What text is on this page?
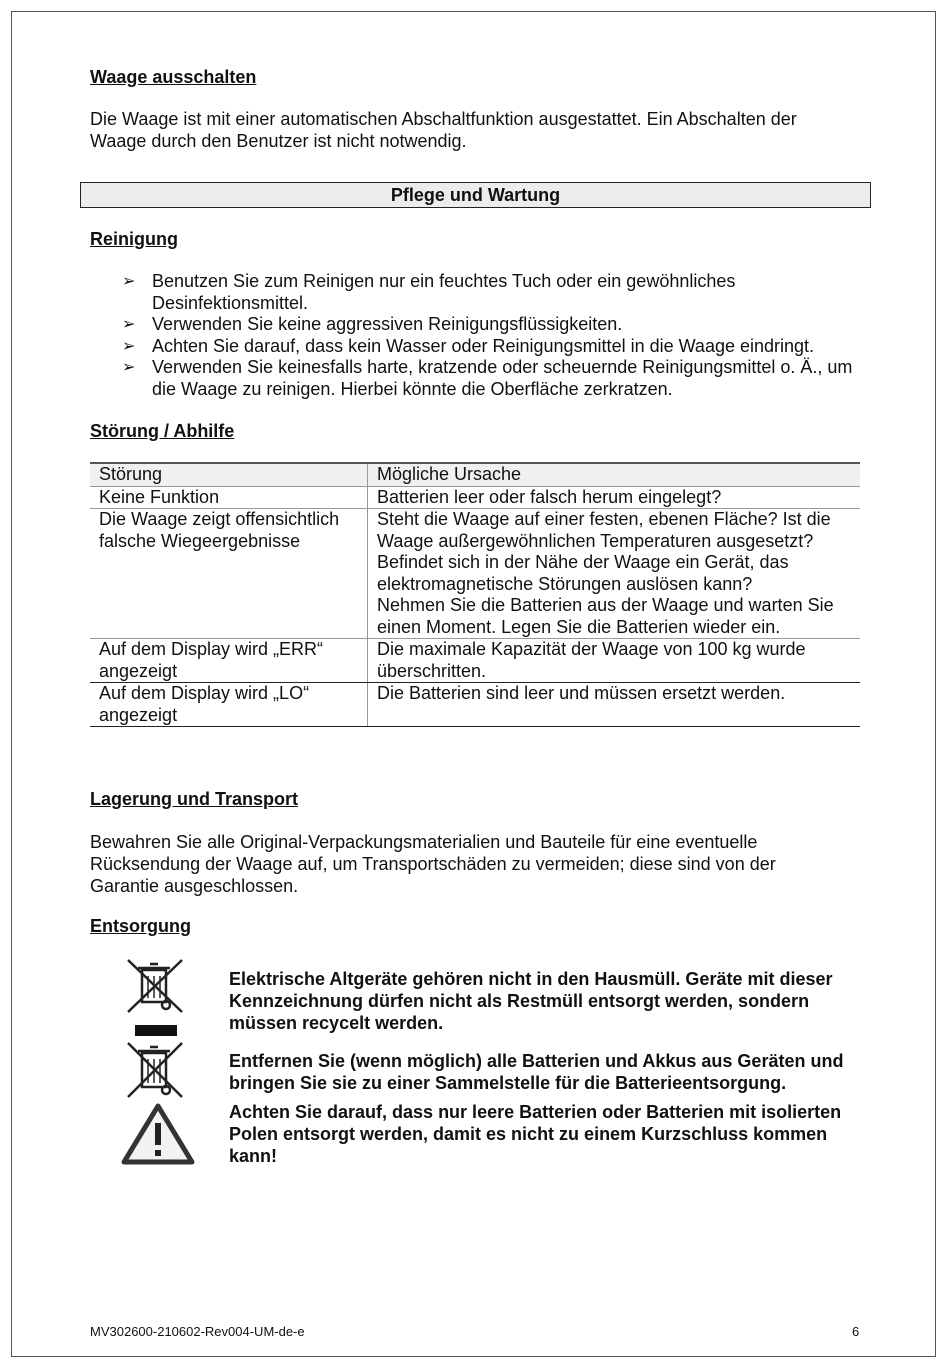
Waage ausschalten
Die Waage ist mit einer automatischen Abschaltfunktion ausgestattet. Ein Abschalten der
Waage durch den Benutzer ist nicht notwendig.
Pflege und Wartung
Reinigung
➢ Benutzen Sie zum Reinigen nur ein feuchtes Tuch oder ein gewöhnliches Desinfektionsmittel.
➢ Verwenden Sie keine aggressiven Reinigungsflüssigkeiten.
➢ Achten Sie darauf, dass kein Wasser oder Reinigungsmittel in die Waage eindringt.
➢ Verwenden Sie keinesfalls harte, kratzende oder scheuernde Reinigungsmittel o. Ä., um die Waage zu reinigen. Hierbei könnte die Oberfläche zerkratzen.
Störung / Abhilfe
Störung	Mögliche Ursache
Keine Funktion	Batterien leer oder falsch herum eingelegt?
Die Waage zeigt offensichtlich falsche Wiegeergebnisse	Steht die Waage auf einer festen, ebenen Fläche? Ist die Waage außergewöhnlichen Temperaturen ausgesetzt? Befindet sich in der Nähe der Waage ein Gerät, das elektromagnetische Störungen auslösen kann?
Nehmen Sie die Batterien aus der Waage und warten Sie einen Moment. Legen Sie die Batterien wieder ein.

Auf dem Display wird „ERR“ angezeigt	Die maximale Kapazität der Waage von 100 kg wurde überschritten.
Auf dem Display wird „LO“ angezeigt	Die Batterien sind leer und müssen ersetzt werden.
Lagerung und Transport
Bewahren Sie alle Original-Verpackungsmaterialien und Bauteile für eine eventuelle
Rücksendung der Waage auf, um Transportschäden zu vermeiden; diese sind von der
Garantie ausgeschlossen.
Entsorgung
Elektrische Altgeräte gehören nicht in den Hausmüll. Geräte mit dieser Kennzeichnung dürfen nicht als Restmüll entsorgt werden, sondern müssen recycelt werden.
Entfernen Sie (wenn möglich) alle Batterien und Akkus aus Geräten und bringen Sie sie zu einer Sammelstelle für die Batterieentsorgung.
Achten Sie darauf, dass nur leere Batterien oder Batterien mit isolierten Polen entsorgt werden, damit es nicht zu einem Kurzschluss kommen kann!
MV302600-210602-Rev004-UM-de-e	6
